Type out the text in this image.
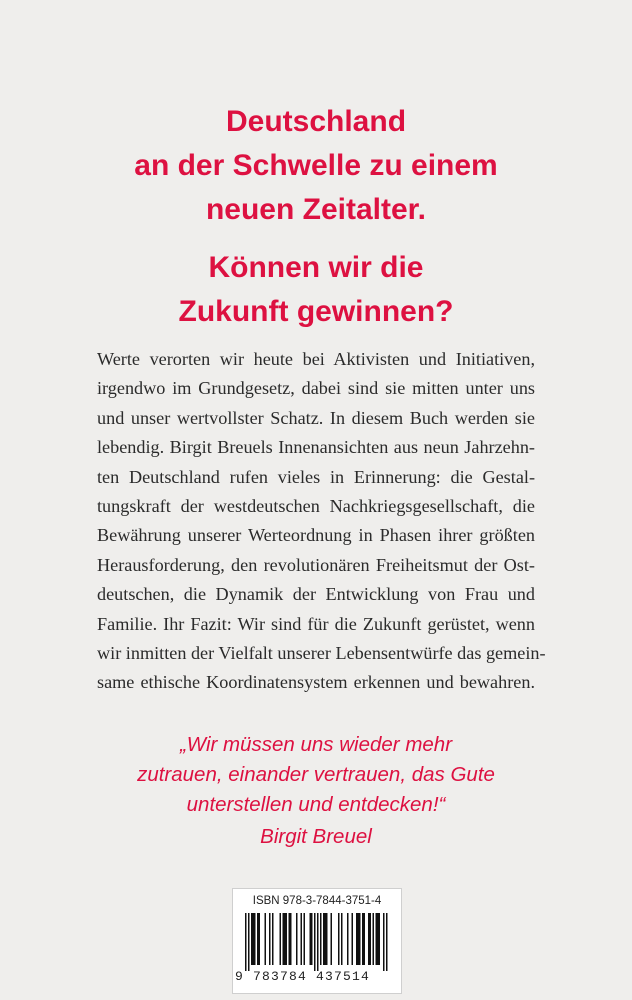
Deutschland
an der Schwelle zu einem
neuen Zeitalter.
Können wir die
Zukunft gewinnen?
Werte verorten wir heute bei Aktivisten und Initiativen,
irgendwo im Grundgesetz, dabei sind sie mitten unter uns
und unser wertvollster Schatz. In diesem Buch werden sie
lebendig. Birgit Breuels Innenansichten aus neun Jahrzehn-
ten Deutschland rufen vieles in Erinnerung: die Gestal-
tungskraft der westdeutschen Nachkriegsgesellschaft, die
Bewährung unserer Werteordnung in Phasen ihrer größten
Herausforderung, den revolutionären Freiheitsmut der Ost-
deutschen, die Dynamik der Entwicklung von Frau und
Familie. Ihr Fazit: Wir sind für die Zukunft gerüstet, wenn
wir inmitten der Vielfalt unserer Lebensentwürfe das gemein-
same ethische Koordinatensystem erkennen und bewahren.
„Wir müssen uns wieder mehr
zutrauen, einander vertrauen, das Gute
unterstellen und entdecken!“
Birgit Breuel
ISBN 978-3-7844-3751-4
9 783784 437514
